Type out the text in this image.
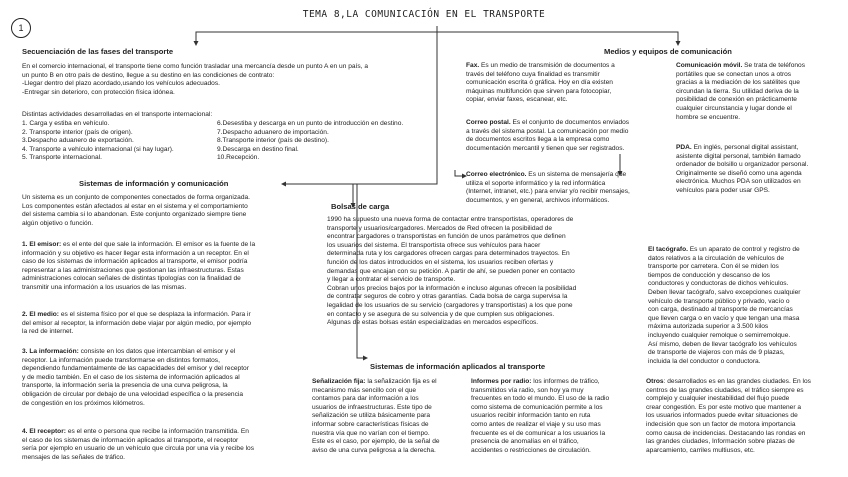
TEMA 8,LA COMUNICACIÓN EN EL TRANSPORTE
1
Secuenciación de las fases del transporte
En el comercio internacional, el transporte tiene como función trasladar una mercancía desde un punto A en un país, a
un punto B en otro país de destino, llegue a su destino en las condiciones de contrato:
-Llegar dentro del plazo acordado,usando los vehículos adecuados.
-Entregar sin deterioro, con protección física idónea.
Distintas actividades desarrolladas en el transporte internacional:
1. Carga y estiba en vehículo.
2. Transporte interior (país de origen).
3.Despacho aduanero de exportación.
4. Transporte a vehículo internacional (si hay lugar).
5. Transporte internacional.
6.Desestiba y descarga en un punto de introducción en destino.
7.Despacho aduanero de importación.
8.Transporte interior (país de destino).
9.Descarga en destino final.
10.Recepción.
Sistemas de información y comunicación
Un sistema es un conjunto de componentes conectados de forma organizada.
Los componentes están afectados al estar en el sistema y el comportamiento
del sistema cambia si lo abandonan. Este conjunto organizado siempre tiene
algún objetivo o función.
1. El emisor: es el ente del que sale la información. El emisor es la fuente de la
información y su objetivo es hacer llegar esta información a un receptor. En el
caso de los sistemas de información aplicados al transporte, el emisor podría
representar a las administraciones que gestionan las infraestructuras. Estas
administraciones colocan señales de distintas tipologías con la finalidad de
transmitir una información a los usuarios de las mismas.
2. El medio: es el sistema físico por el que se desplaza la información. Para ir
del emisor al receptor, la información debe viajar por algún medio, por ejemplo
la red de internet.
3. La información: consiste en los datos que intercambian el emisor y el
receptor. La información puede transformarse en distintos formatos,
dependiendo fundamentalmente de las capacidades del emisor y del receptor
y de medio también. En el caso de los sistema de información aplicados al
transporte, la información sería la presencia de una curva peligrosa, la
obligación de circular por debajo de una velocidad específica o la presencia
de congestión en los próximos kilómetros.
4. El receptor: es el ente o persona que recibe la información transmitida. En
el caso de los sistemas de información aplicados al transporte, el receptor
sería por ejemplo en usuario de un vehículo que circula por una vía y recibe los
mensajes de las señales de tráfico.
Medios y equipos de comunicación
Fax. Es un medio de transmisión de documentos a
través del teléfono cuya finalidad es transmitir
comunicación escrita ó gráfica. Hoy en día existen
máquinas multifunción que sirven para fotocopiar,
copiar, enviar faxes, escanear, etc.
Correo postal. Es el conjunto de documentos enviados
a través del sistema postal. La comunicación por medio
de documentos escritos llega a la empresa como
documentación mercantil y tienen que ser registrados.
Correo electrónico. Es un sistema de mensajería que
utiliza el soporte informático y la red informática
(Internet, intranet, etc.) para enviar y/o recibir mensajes,
documentos, y en general, archivos informáticos.
Comunicación móvil. Se trata de teléfonos
portátiles que se conectan unos a otros
gracias a la mediación de los satélites que
circundan la tierra. Su utilidad deriva de la
posibilidad de conexión en prácticamente
cualquier circunstancia y lugar donde el
hombre se encuentre.
PDA. En inglés, personal digital assistant,
asistente digital personal, también llamado
ordenador de bolsillo u organizador personal.
Originalmente se diseñó como una agenda
electrónica. Muchos PDA son utilizados en
vehículos para poder usar GPS.
El tacógrafo. Es un aparato de control y registro de
datos relativos a la circulación de vehículos de
transporte por carretera. Con él se miden los
tiempos de conducción y descanso de los
conductores y conductoras de dichos vehículos.
Deben llevar tacógrafo, salvo excepciones cualquier
vehículo de transporte público y privado, vacío o
con carga, destinado al transporte de mercancías
que lleven carga o en vacío y que tengan una masa
máxima autorizada superior a 3.500 kilos
incluyendo cualquier remolque o semirremolque.
Así mismo, deben de llevar tacógrafo los vehículos
de transporte de viajeros con más de 9 plazas,
incluida la del conductor o conductora.
Bolsas de carga
1990 ha supuesto una nueva forma de contactar entre transportistas, operadores de
transporte y usuarios/cargadores. Mercados de Red ofrecen la posibilidad de
encontrar cargadores o transportistas en función de unos parámetros que definen
los usuarios del sistema. El transportista ofrece sus vehículos para hacer
determinada ruta y los cargadores ofrecen cargas para determinados trayectos. En
función de los datos introducidos en el sistema, los usuarios reciben ofertas y
demandas que encajan con su petición. A partir de ahí, se pueden poner en contacto
y llegar a contratar el servicio de transporte.
Cobran unos precios bajos por la información e incluso algunas ofrecen la posibilidad
de contratar seguros de cobro y otras garantías. Cada bolsa de carga supervisa la
legalidad de los usuarios de su servicio (cargadores y transportistas) a los que pone
en contacto y se asegura de su solvencia y de que cumplen sus obligaciones.
Algunas de estas bolsas están especializadas en mercados específicos.
Sistemas de información aplicados al transporte
Señalización fija: la señalización fija es el
mecanismo más sencillo con el que
contamos para dar información a los
usuarios de infraestructuras. Este tipo de
señalización se utiliza básicamente para
informar sobre características físicas de
nuestra vía que no varían con el tiempo.
Este es el caso, por ejemplo, de la señal de
aviso de una curva peligrosa a la derecha.
Informes por radio: los informes de tráfico,
transmitidos vía radio, son hoy ya muy
frecuentes en todo el mundo. El uso de la radio
como sistema de comunicación permite a los
usuarios recibir información tanto en ruta
como antes de realizar el viaje y su uso mas
frecuente es el de comunicar a los usuarios la
presencia de anomalías en el tráfico,
accidentes o restricciones de circulación.
Otros: desarrollados es en las grandes ciudades. En los
centros de las grandes ciudades, el tráfico siempre es
complejo y cualquier inestabilidad del flujo puede
crear congestión. Es por este motivo que mantener a
los usuarios informados puede evitar situaciones de
indecisión que son un factor de motora importancia
como causa de incidencias. Destacando las rondas en
las grandes ciudades, Información sobre plazas de
aparcamiento, carriles multiusos, etc.
